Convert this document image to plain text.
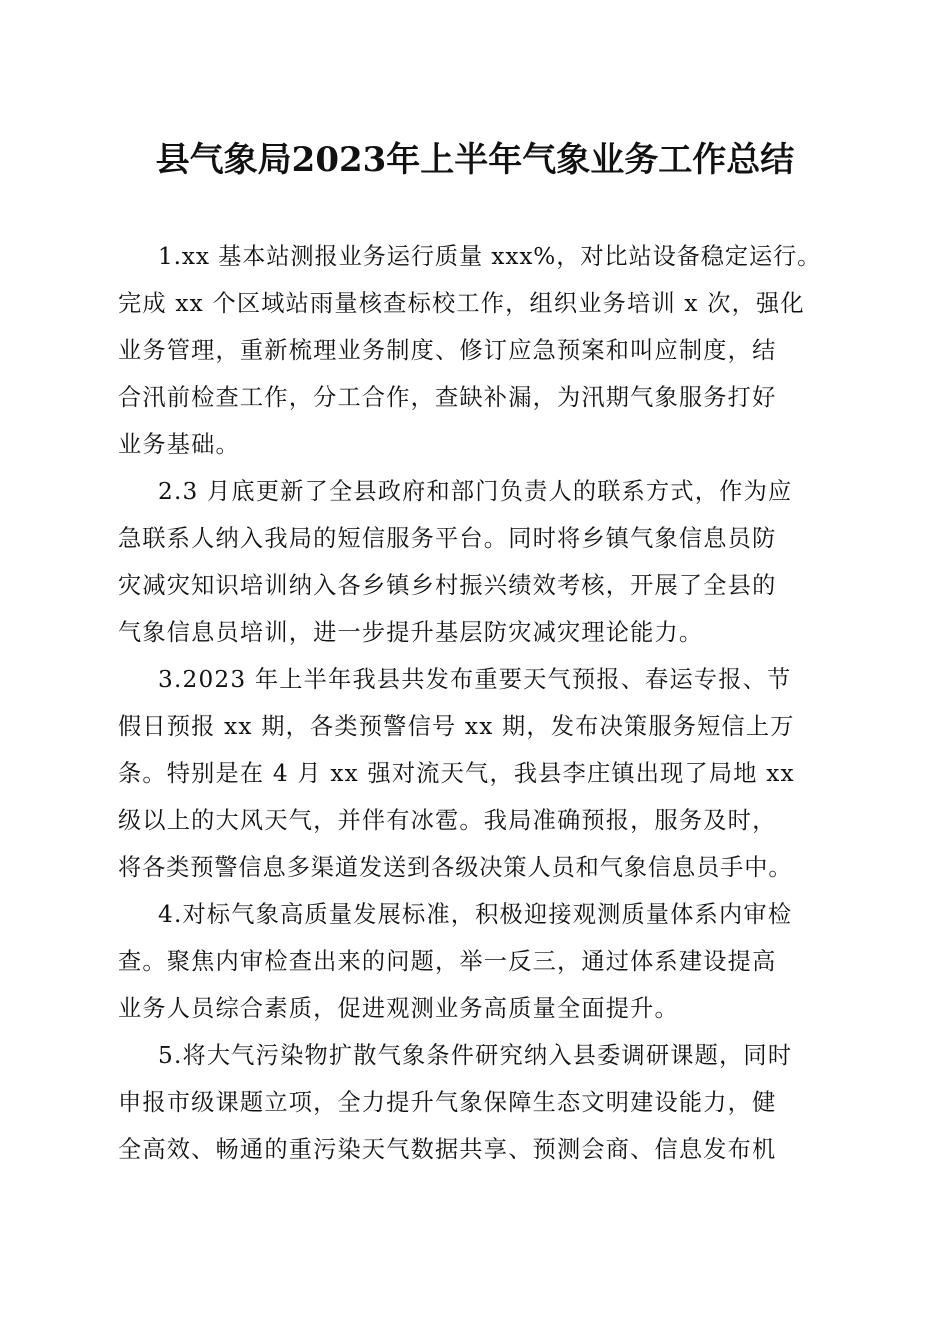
县气象局2023年上半年气象业务工作总结
1.xx 基本站测报业务运行质量 xxx%，对比站设备稳定运行。
完成 xx 个区域站雨量核查标校工作，组织业务培训 x 次，强化
业务管理，重新梳理业务制度、修订应急预案和叫应制度，结
合汛前检查工作，分工合作，查缺补漏，为汛期气象服务打好
业务基础。
2.3 月底更新了全县政府和部门负责人的联系方式，作为应
急联系人纳入我局的短信服务平台。同时将乡镇气象信息员防
灾减灾知识培训纳入各乡镇乡村振兴绩效考核，开展了全县的
气象信息员培训，进一步提升基层防灾减灾理论能力。
3.2023 年上半年我县共发布重要天气预报、春运专报、节
假日预报 xx 期，各类预警信号 xx 期，发布决策服务短信上万
条。特别是在 4 月 xx 强对流天气，我县李庄镇出现了局地 xx
级以上的大风天气，并伴有冰雹。我局准确预报，服务及时，
将各类预警信息多渠道发送到各级决策人员和气象信息员手中。
4.对标气象高质量发展标准，积极迎接观测质量体系内审检
查。聚焦内审检查出来的问题，举一反三，通过体系建设提高
业务人员综合素质，促进观测业务高质量全面提升。
5.将大气污染物扩散气象条件研究纳入县委调研课题，同时
申报市级课题立项，全力提升气象保障生态文明建设能力，健
全高效、畅通的重污染天气数据共享、预测会商、信息发布机
